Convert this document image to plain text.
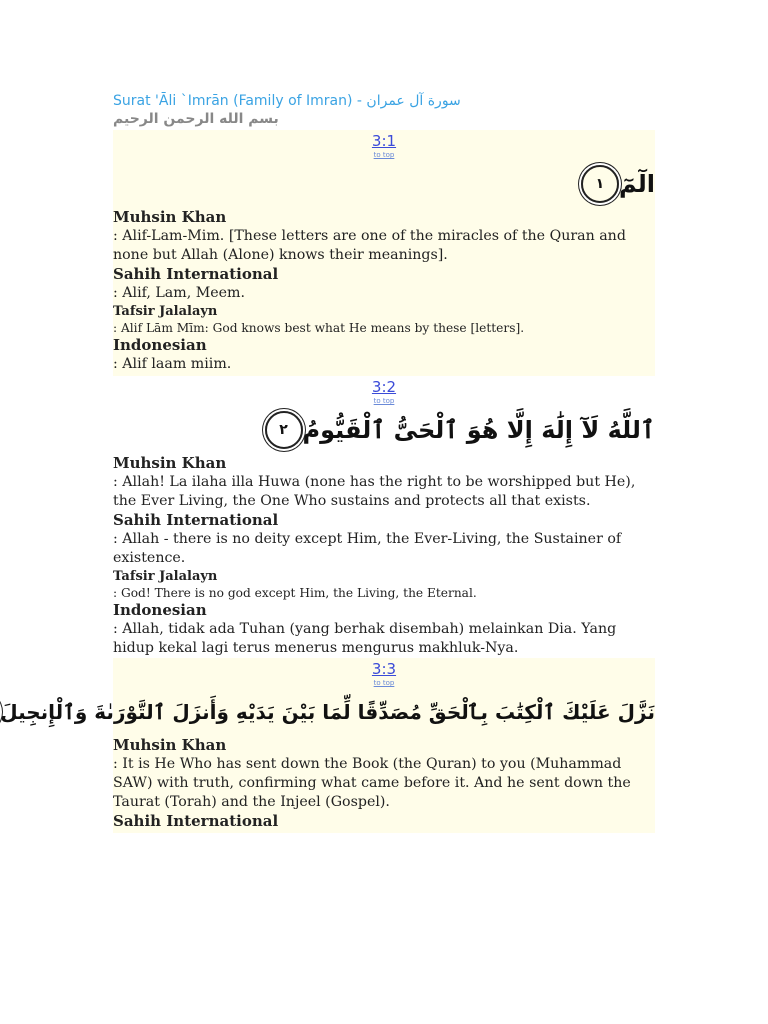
Surat 'Āli `Imrān (Family of Imran) - سورة آل عمران
بسم الله الرحمن الرحيم
3:1
to top
الٓمٓ
١
Muhsin Khan
: Alif-Lam-Mim. [These letters are one of the miracles of the Quran and none but Allah (Alone) knows their meanings].
Sahih International
: Alif, Lam, Meem.
Tafsir Jalalayn
: Alif Lām Mīm: God knows best what He means by these [letters].
Indonesian
: Alif laam miim.
3:2
to top
ٱللَّهُ لَآ إِلَٰهَ إِلَّا هُوَ ٱلْحَىُّ ٱلْقَيُّومُ
٢
Muhsin Khan
: Allah! La ilaha illa Huwa (none has the right to be worshipped but He), the Ever Living, the One Who sustains and protects all that exists.
Sahih International
: Allah - there is no deity except Him, the Ever-Living, the Sustainer of existence.
Tafsir Jalalayn
: God! There is no god except Him, the Living, the Eternal.
Indonesian
: Allah, tidak ada Tuhan (yang berhak disembah) melainkan Dia. Yang hidup kekal lagi terus menerus mengurus makhluk-Nya.
3:3
to top
نَزَّلَ عَلَيْكَ ٱلْكِتَٰبَ بِٱلْحَقِّ مُصَدِّقًا لِّمَا بَيْنَ يَدَيْهِ وَأَنزَلَ ٱلتَّوْرَىٰةَ وَٱلْإِنجِيلَ
Muhsin Khan
: It is He Who has sent down the Book (the Quran) to you (Muhammad SAW) with truth, confirming what came before it. And he sent down the Taurat (Torah) and the Injeel (Gospel).
Sahih International
